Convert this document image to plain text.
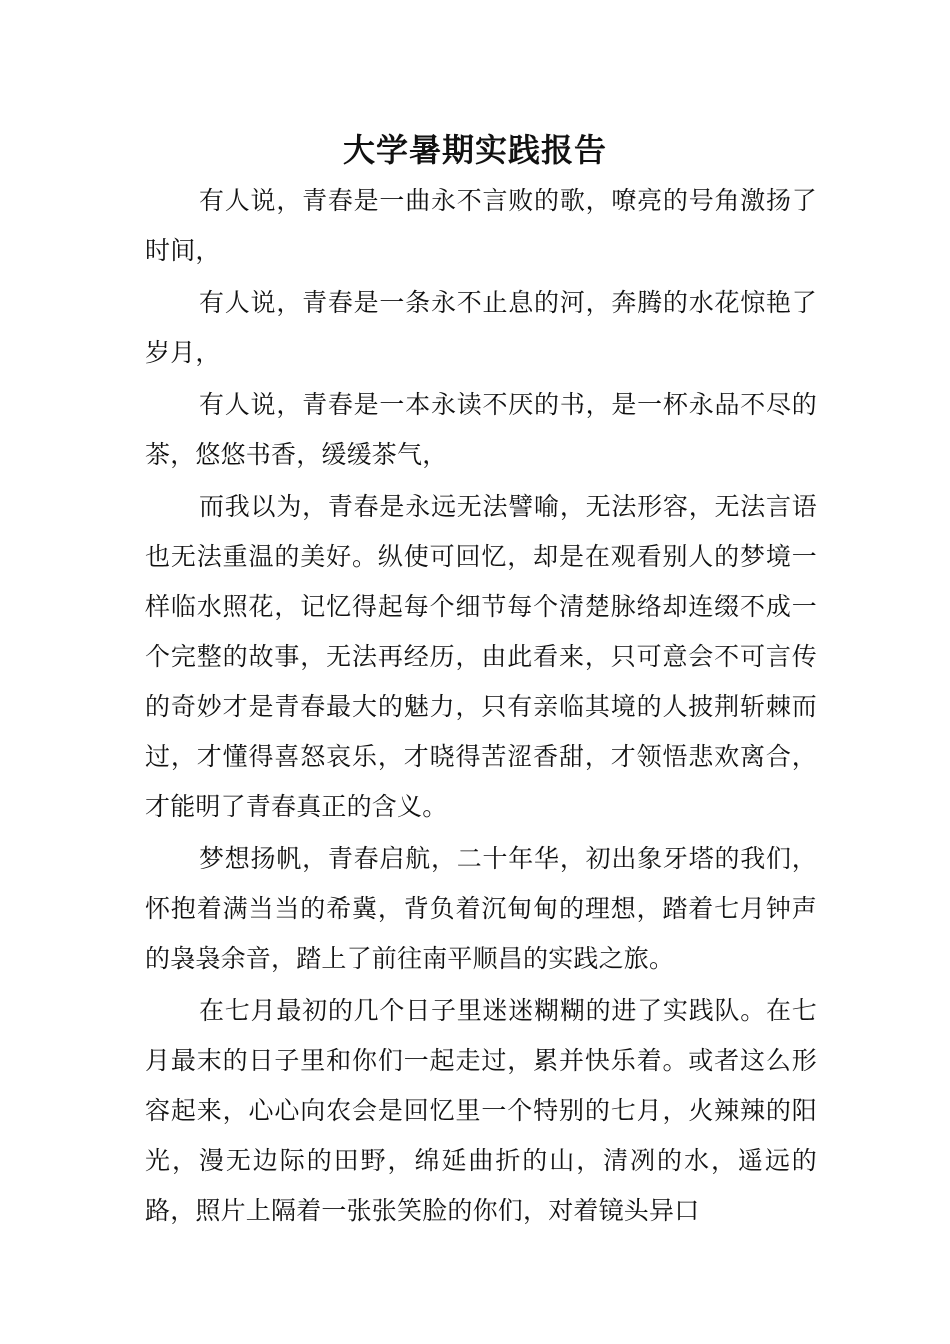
大学暑期实践报告

有人说，青春是一曲永不言败的歌，嘹亮的号角激扬了时间，

有人说，青春是一条永不止息的河，奔腾的水花惊艳了岁月，

有人说，青春是一本永读不厌的书，是一杯永品不尽的茶，悠悠书香，缓缓茶气，

而我以为，青春是永远无法譬喻，无法形容，无法言语也无法重温的美好。纵使可回忆，却是在观看别人的梦境一样临水照花，记忆得起每个细节每个清楚脉络却连缀不成一个完整的故事，无法再经历，由此看来，只可意会不可言传的奇妙才是青春最大的魅力，只有亲临其境的人披荆斩棘而过，才懂得喜怒哀乐，才晓得苦涩香甜，才领悟悲欢离合，才能明了青春真正的含义。

梦想扬帆，青春启航，二十年华，初出象牙塔的我们，怀抱着满当当的希冀，背负着沉甸甸的理想，踏着七月钟声的袅袅余音，踏上了前往南平顺昌的实践之旅。

在七月最初的几个日子里迷迷糊糊的进了实践队。在七月最末的日子里和你们一起走过，累并快乐着。或者这么形容起来，心心向农会是回忆里一个特别的七月，火辣辣的阳光，漫无边际的田野，绵延曲折的山，清冽的水，遥远的路，照片上隔着一张张笑脸的你们，对着镜头异口
